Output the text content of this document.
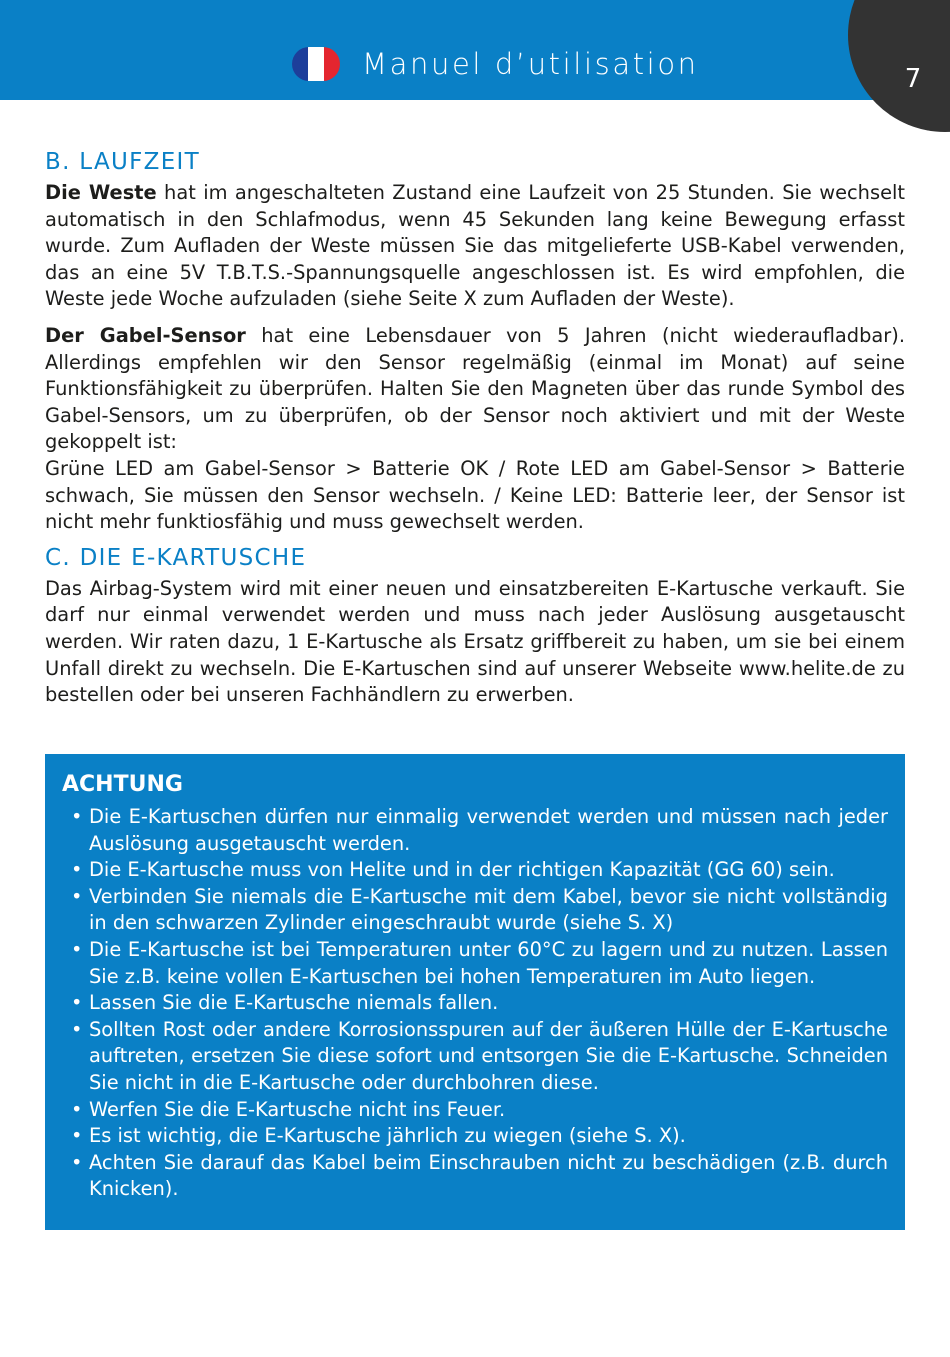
Manuel d’utilisation	7
B. LAUFZEIT

Die Weste hat im angeschalteten Zustand eine Laufzeit von 25 Stunden. Sie wechselt automatisch in den Schlafmodus, wenn 45 Sekunden lang keine Bewegung erfasst wurde. Zum Aufladen der Weste müssen Sie das mitgelieferte USB-Kabel verwenden, das an eine 5V T.B.T.S.-Spannungsquelle angeschlossen ist. Es wird empfohlen, die Weste jede Woche aufzuladen (siehe Seite X zum Aufladen der Weste).

Der Gabel-Sensor hat eine Lebensdauer von 5 Jahren (nicht wiederaufladbar). Allerdings empfehlen wir den Sensor regelmäßig (einmal im Monat) auf seine Funktionsfähigkeit zu überprüfen. Halten Sie den Magneten über das runde Symbol des Gabel-Sensors, um zu überprüfen, ob der Sensor noch aktiviert und mit der Weste gekoppelt ist:

Grüne LED am Gabel-Sensor > Batterie OK / Rote LED am Gabel-Sensor > Batterie schwach, Sie müssen den Sensor wechseln. / Keine LED: Batterie leer, der Sensor ist nicht mehr funktiosfähig und muss gewechselt werden.

C. DIE E-KARTUSCHE

Das Airbag-System wird mit einer neuen und einsatzbereiten E-Kartusche verkauft. Sie darf nur einmal verwendet werden und muss nach jeder Auslösung ausgetauscht werden. Wir raten dazu, 1 E-Kartusche als Ersatz griffbereit zu haben, um sie bei einem Unfall direkt zu wechseln. Die E-Kartuschen sind auf unserer Webseite www.helite.de zu bestellen oder bei unseren Fachhändlern zu erwerben.

ACHTUNG
• Die E-Kartuschen dürfen nur einmalig verwendet werden und müssen nach jeder Auslösung ausgetauscht werden.
• Die E-Kartusche muss von Helite und in der richtigen Kapazität (GG 60) sein.
• Verbinden Sie niemals die E-Kartusche mit dem Kabel, bevor sie nicht vollständig in den schwarzen Zylinder eingeschraubt wurde (siehe S. X)
• Die E-Kartusche ist bei Temperaturen unter 60°C zu lagern und zu nutzen. Lassen Sie z.B. keine vollen E-Kartuschen bei hohen Temperaturen im Auto liegen.
• Lassen Sie die E-Kartusche niemals fallen.
• Sollten Rost oder andere Korrosionsspuren auf der äußeren Hülle der E-Kartusche auftreten, ersetzen Sie diese sofort und entsorgen Sie die E-Kartusche. Schneiden Sie nicht in die E-Kartusche oder durchbohren diese.
• Werfen Sie die E-Kartusche nicht ins Feuer.
• Es ist wichtig, die E-Kartusche jährlich zu wiegen (siehe S. X).
• Achten Sie darauf das Kabel beim Einschrauben nicht zu beschädigen (z.B. durch Knicken).
